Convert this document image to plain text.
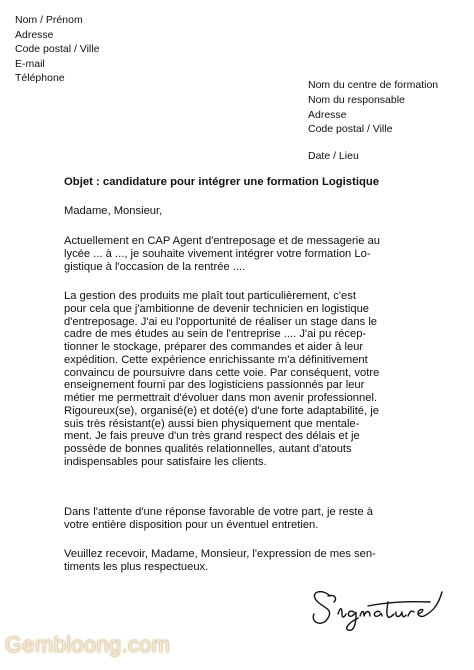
Nom / Prénom
Adresse
Code postal / Ville
E-mail
Téléphone
Nom du centre de formation
Nom du responsable
Adresse
Code postal / Ville
Date / Lieu
Objet : candidature pour intégrer une formation Logistique
Madame, Monsieur,
Actuellement en CAP Agent d'entreposage et de messagerie au
lycée ... à ..., je souhaite vivement intégrer votre formation Lo-
gistique à l'occasion de la rentrée ....
La gestion des produits me plaît tout particulièrement, c'est
pour cela que j'ambitionne de devenir technicien en logistique
d'entreposage. J'ai eu l'opportunité de réaliser un stage dans le
cadre de mes études au sein de l'entreprise .... J'ai pu récep-
tionner le stockage, préparer des commandes et aider à leur
expédition. Cette expérience enrichissante m'a définitivement
convaincu de poursuivre dans cette voie. Par conséquent, votre
enseignement fourni par des logisticiens passionnés par leur
métier me permettrait d'évoluer dans mon avenir professionnel.
Rigoureux(se), organisé(e) et doté(e) d'une forte adaptabilité, je
suis très résistant(e) aussi bien physiquement que mentale-
ment. Je fais preuve d'un très grand respect des délais et je
possède de bonnes qualités relationnelles, autant d'atouts
indispensables pour satisfaire les clients.
Dans l'attente d'une réponse favorable de votre part, je reste à
votre entière disposition pour un éventuel entretien.
Veuillez recevoir, Madame, Monsieur, l'expression de mes sen-
timents les plus respectueux.
Gembloong.com
